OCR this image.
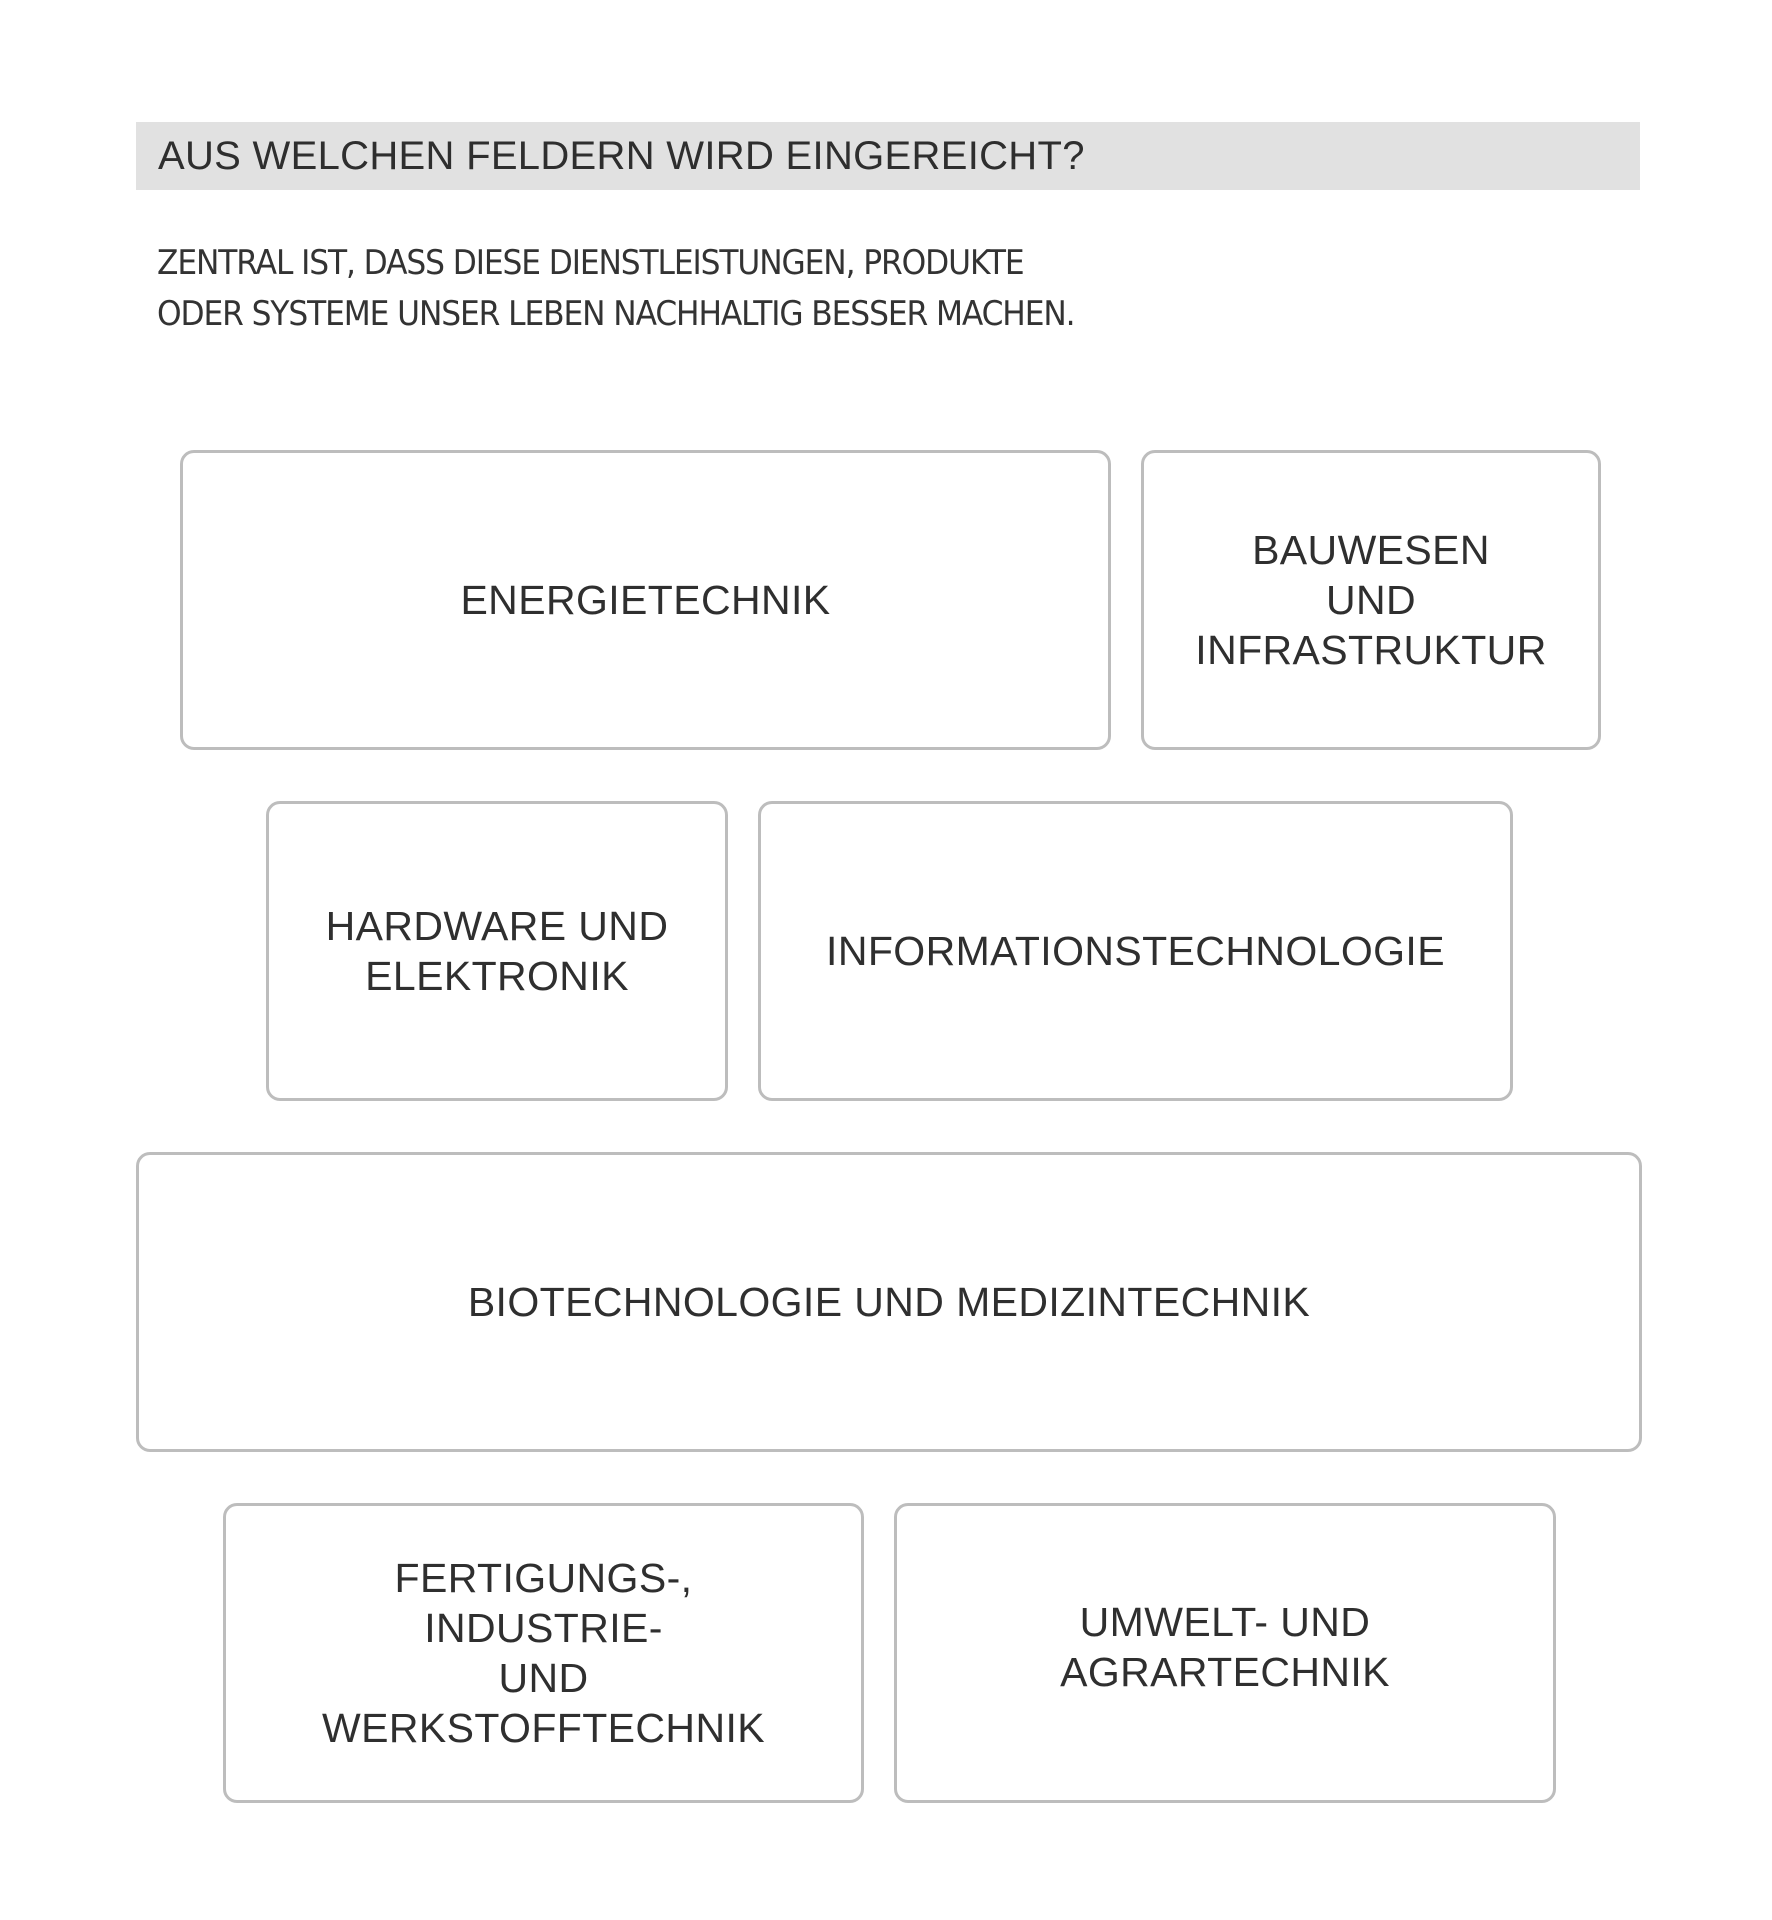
AUS WELCHEN FELDERN WIRD EINGEREICHT?
ZENTRAL IST, DASS DIESE DIENSTLEISTUNGEN, PRODUKTE
ODER SYSTEME UNSER LEBEN NACHHALTIG BESSER MACHEN.
ENERGIETECHNIK
BAUWESEN
UND
INFRASTRUKTUR
HARDWARE UND
ELEKTRONIK
INFORMATIONSTECHNOLOGIE
BIOTECHNOLOGIE UND MEDIZINTECHNIK
FERTIGUNGS-,
INDUSTRIE-
UND
WERKSTOFFTECHNIK
UMWELT- UND
AGRARTECHNIK
